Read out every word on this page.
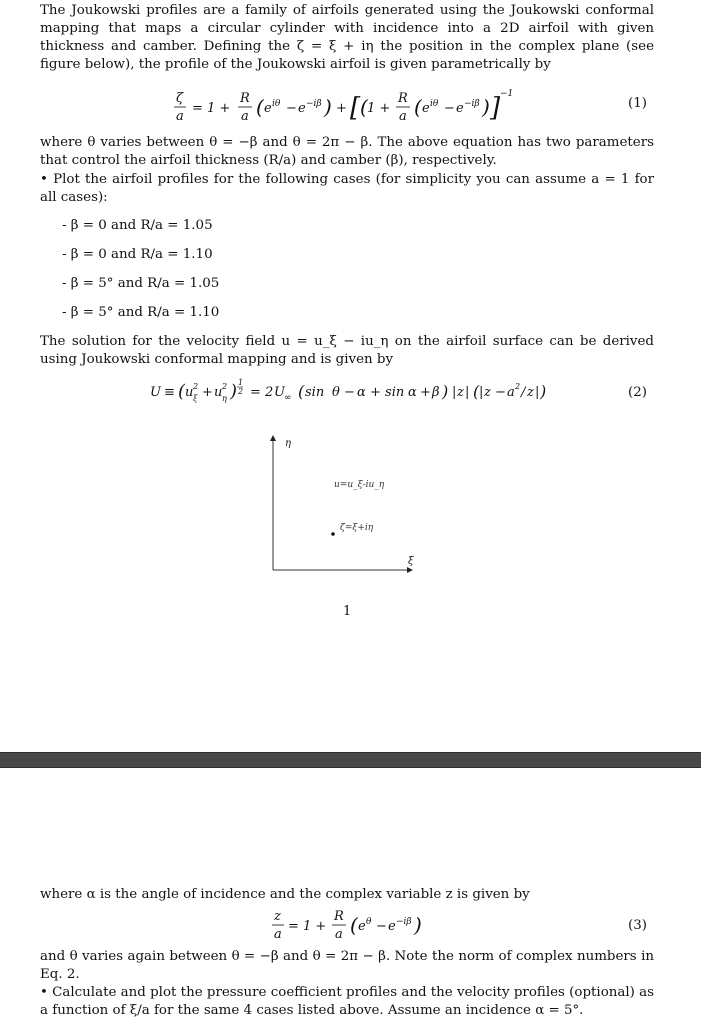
The Joukowski profiles are a family of airfoils generated using the Joukowski conformal mapping that maps a circular cylinder with incidence into a 2D airfoil with given thickness and camber. Defining the ζ = ξ + iη the position in the complex plane (see figure below), the profile of the Joukowski airfoil is given parametrically by
ζ
a
= 1 +
R
a ( e iθ − e −iβ ) + [ ( 1 +
R
a ( e iθ − e −iβ ) ] −1
(1)
where θ varies between θ = −β and θ = 2π − β. The above equation has two parameters that control the airfoil thickness (R/a) and camber (β), respectively.
• Plot the airfoil profiles for the following cases (for simplicity you can assume a = 1 for all cases):
- β = 0 and R/a = 1.05
- β = 0 and R/a = 1.10
- β = 5° and R/a = 1.05
- β = 5° and R/a = 1.10
The solution for the velocity field u = u_ξ − iu_η on the airfoil surface can be derived using Joukowski conformal mapping and is given by
U ≡ ( u ξ
2 + u η
2 ) 1
2 = 2 U ∞ ( sin θ − α + sin α + β ) | z | ( | z − a 2 / z | )	(2)
η
ξ
u=u_ξ-iu_η
ζ=ξ+iη
1
where α is the angle of incidence and the complex variable z is given by
z
a
= 1 +
R
a ( e θ − e −iβ )	(3)
and θ varies again between θ = −β and θ = 2π − β. Note the norm of complex numbers in Eq. 2.
• Calculate and plot the pressure coefficient profiles and the velocity profiles (optional) as a function of ξ/a for the same 4 cases listed above. Assume an incidence α = 5°.
